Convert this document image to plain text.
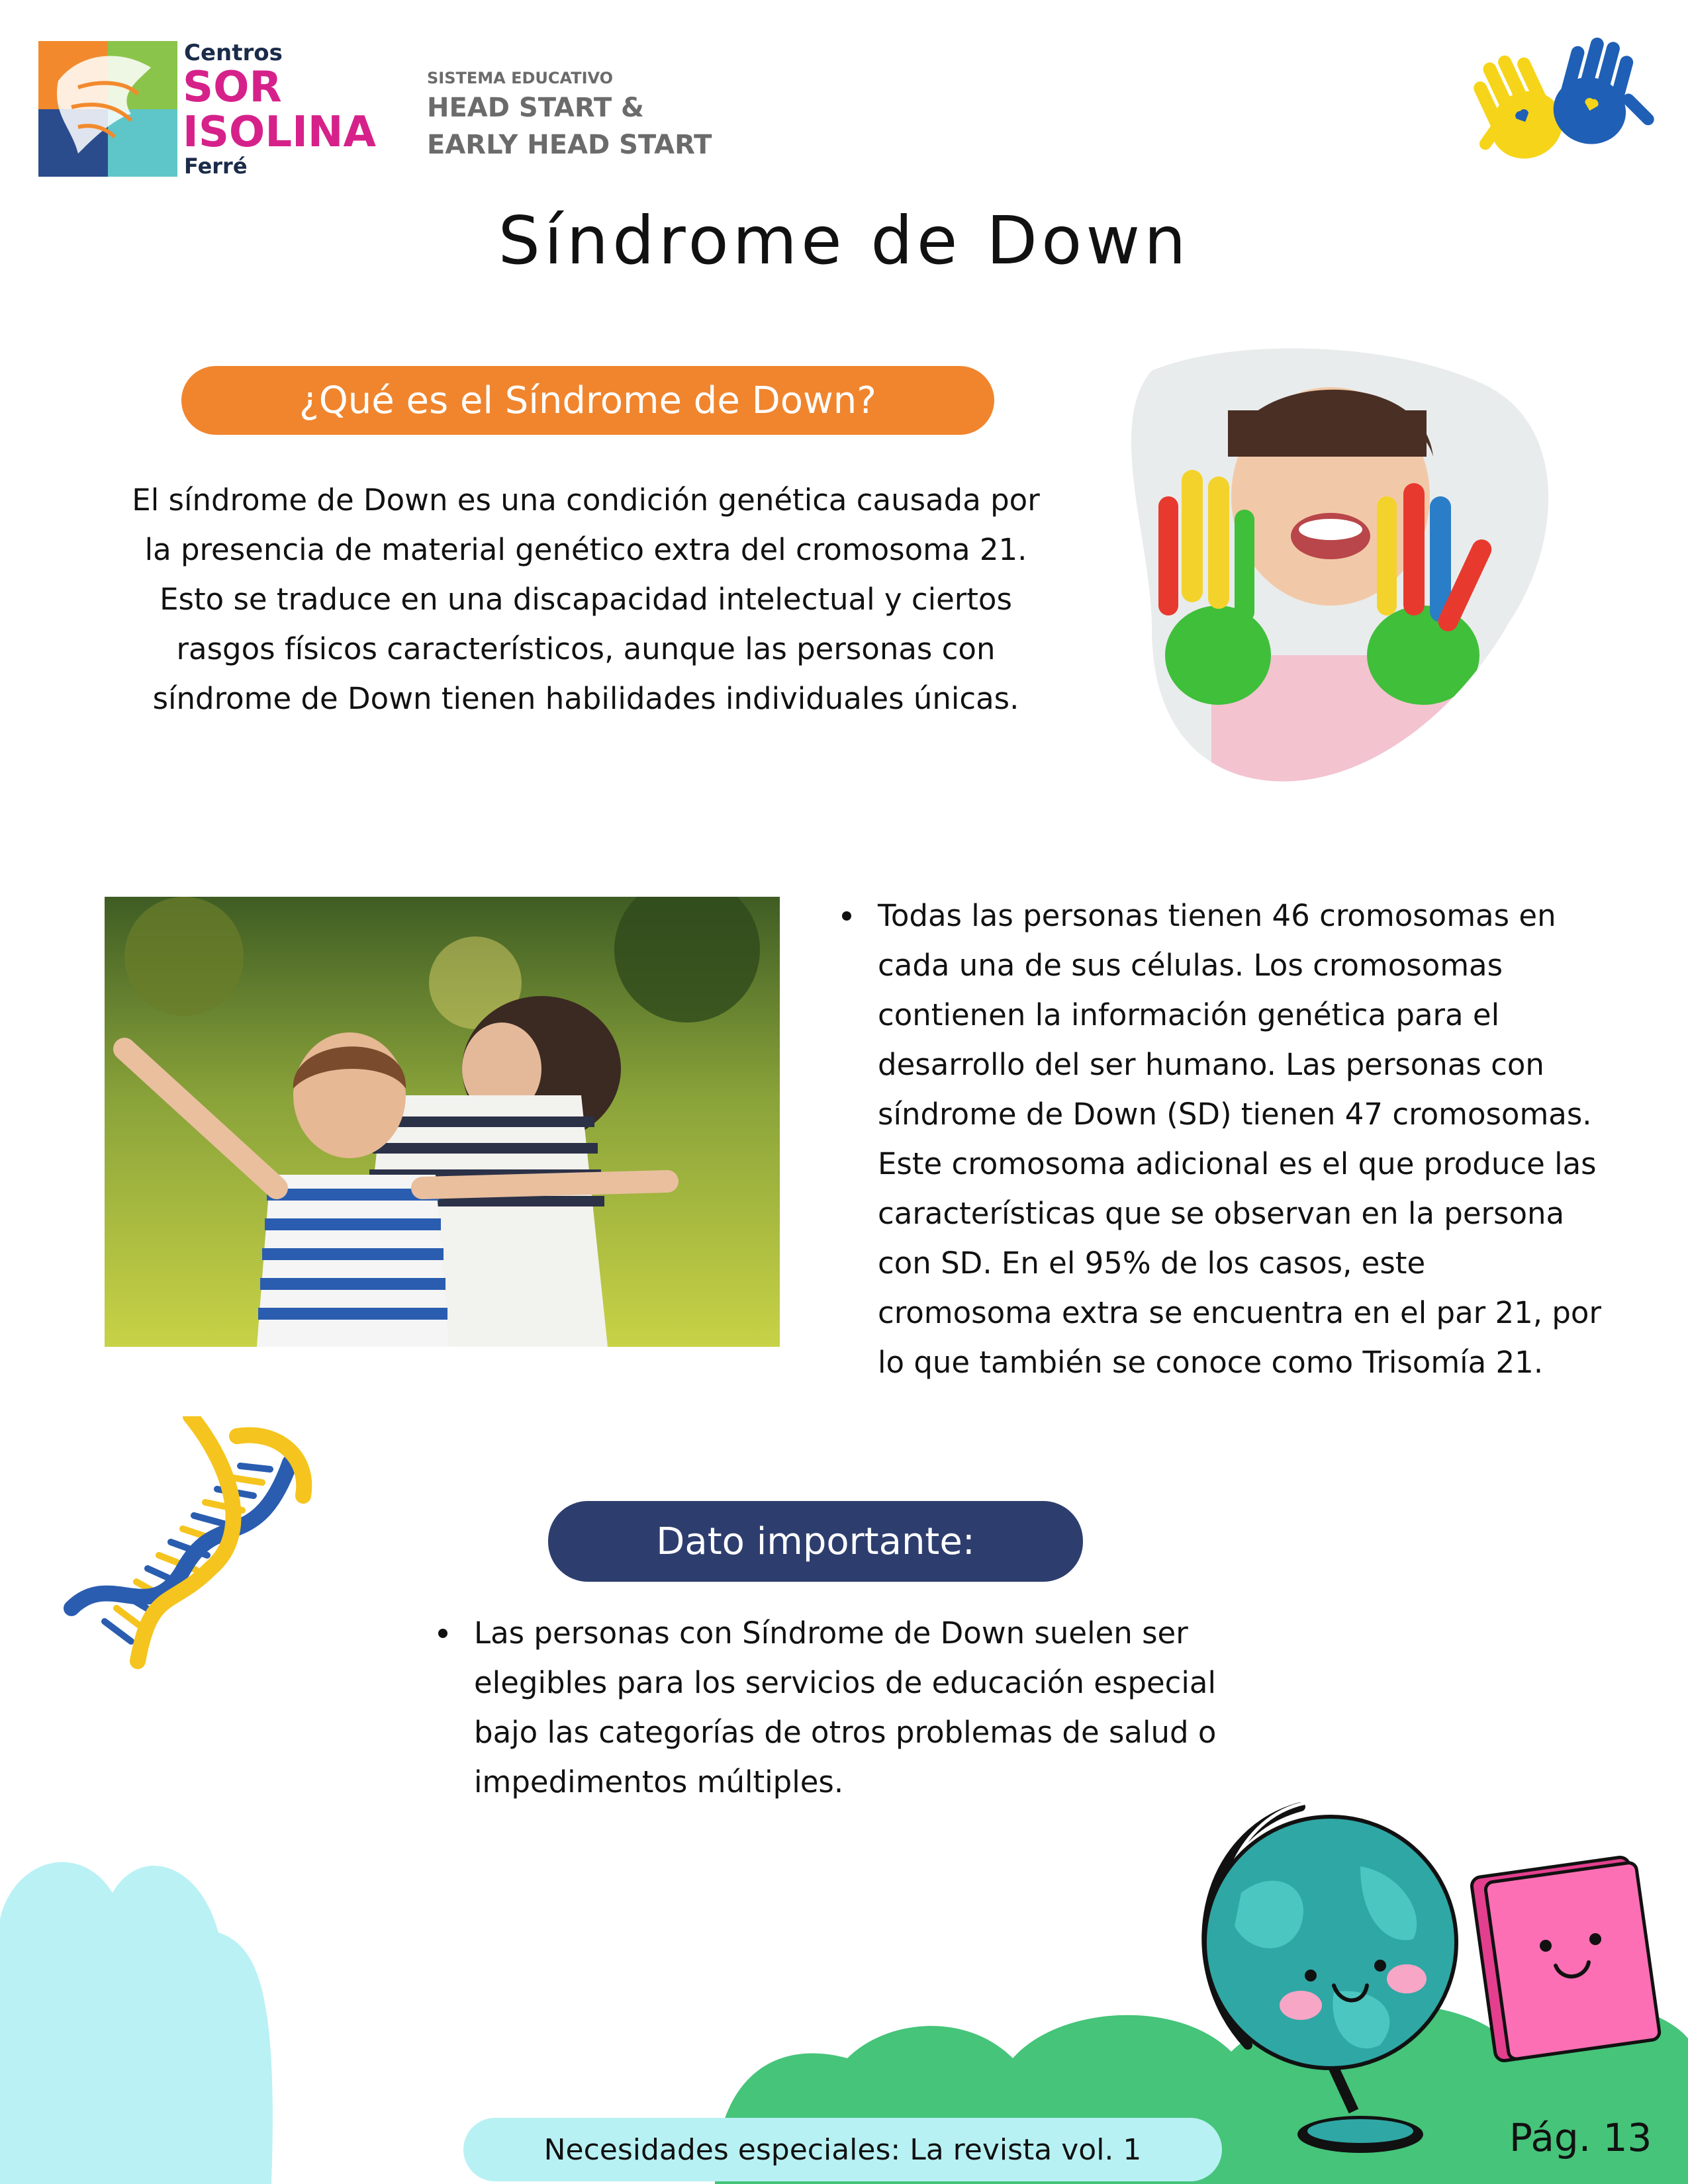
Centros
SOR
ISOLINA
Ferré
SISTEMA EDUCATIVO
HEAD START &
EARLY HEAD START
Síndrome de Down
¿Qué es el Síndrome de Down?
El síndrome de Down es una condición genética causada por la presencia de material genético extra del cromosoma 21. Esto se traduce en una discapacidad intelectual y ciertos rasgos físicos característicos, aunque las personas con síndrome de Down tienen habilidades individuales únicas.
Todas las personas tienen 46 cromosomas en cada una de sus células. Los cromosomas contienen la información genética para el desarrollo del ser humano. Las personas con síndrome de Down (SD) tienen 47 cromosomas. Este cromosoma adicional es el que produce las características que se observan en la persona con SD. En el 95% de los casos, este cromosoma extra se encuentra en el par 21, por lo que también se conoce como Trisomía 21.
Dato importante:
Las personas con Síndrome de Down suelen ser elegibles para los servicios de educación especial bajo las categorías de otros problemas de salud o impedimentos múltiples.
Necesidades especiales: La revista vol. 1	Pág. 13
